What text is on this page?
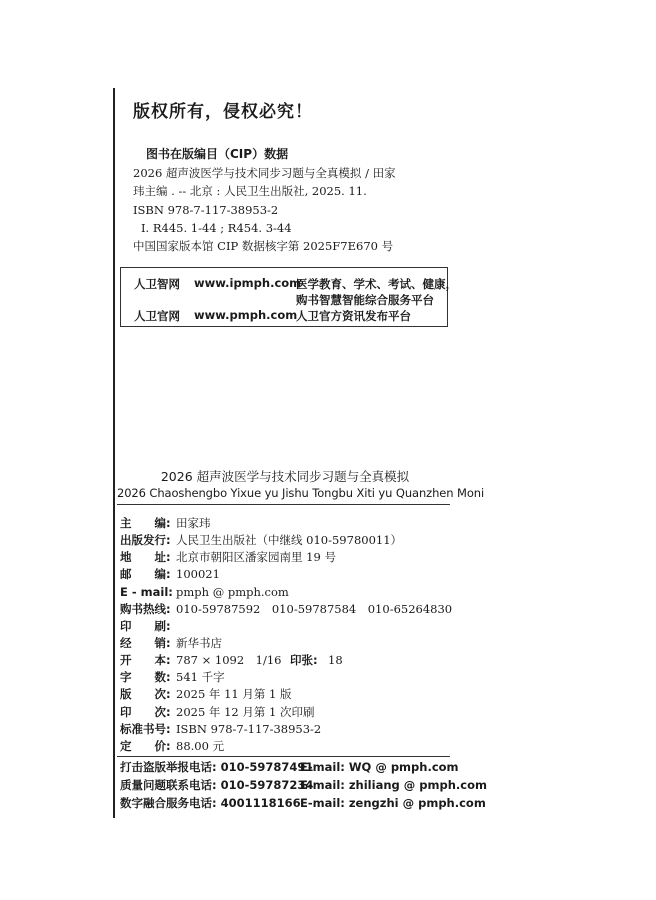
版权所有，侵权必究！
图书在版编目（CIP）数据
2026 超声波医学与技术同步习题与全真模拟 / 田家
玮主编 . -- 北京 : 人民卫生出版社, 2025. 11.
ISBN 978-7-117-38953-2
Ⅰ. R445. 1-44 ; R454. 3-44
中国国家版本馆 CIP 数据核字第 2025F7E670 号
人卫智网 www.ipmph.com
医学教育、学术、考试、健康，
购书智慧智能综合服务平台
人卫官网 www.pmph.com
人卫官方资讯发布平台
2026 超声波医学与技术同步习题与全真模拟
2026 Chaoshengbo Yixue yu Jishu Tongbu Xiti yu Quanzhen Moni
主　　编: 田家玮
出版发行: 人民卫生出版社（中继线 010-59780011）
地　　址: 北京市朝阳区潘家园南里 19 号
邮　　编: 100021
E - mail: pmph @ pmph.com
购书热线: 010-59787592　010-59787584　010-65264830
印　　刷:
经　　销: 新华书店
开　　本: 787 × 1092　1/16 印张: 18
字　　数: 541 千字
版　　次: 2025 年 11 月第 1 版
印　　次: 2025 年 12 月第 1 次印刷
标准书号: ISBN 978-7-117-38953-2
定　　价: 88.00 元
打击盗版举报电话: 010-59787491
E-mail: WQ @ pmph.com
质量问题联系电话: 010-59787234
E-mail: zhiliang @ pmph.com
数字融合服务电话: 4001118166 E-mail: zengzhi @ pmph.com
